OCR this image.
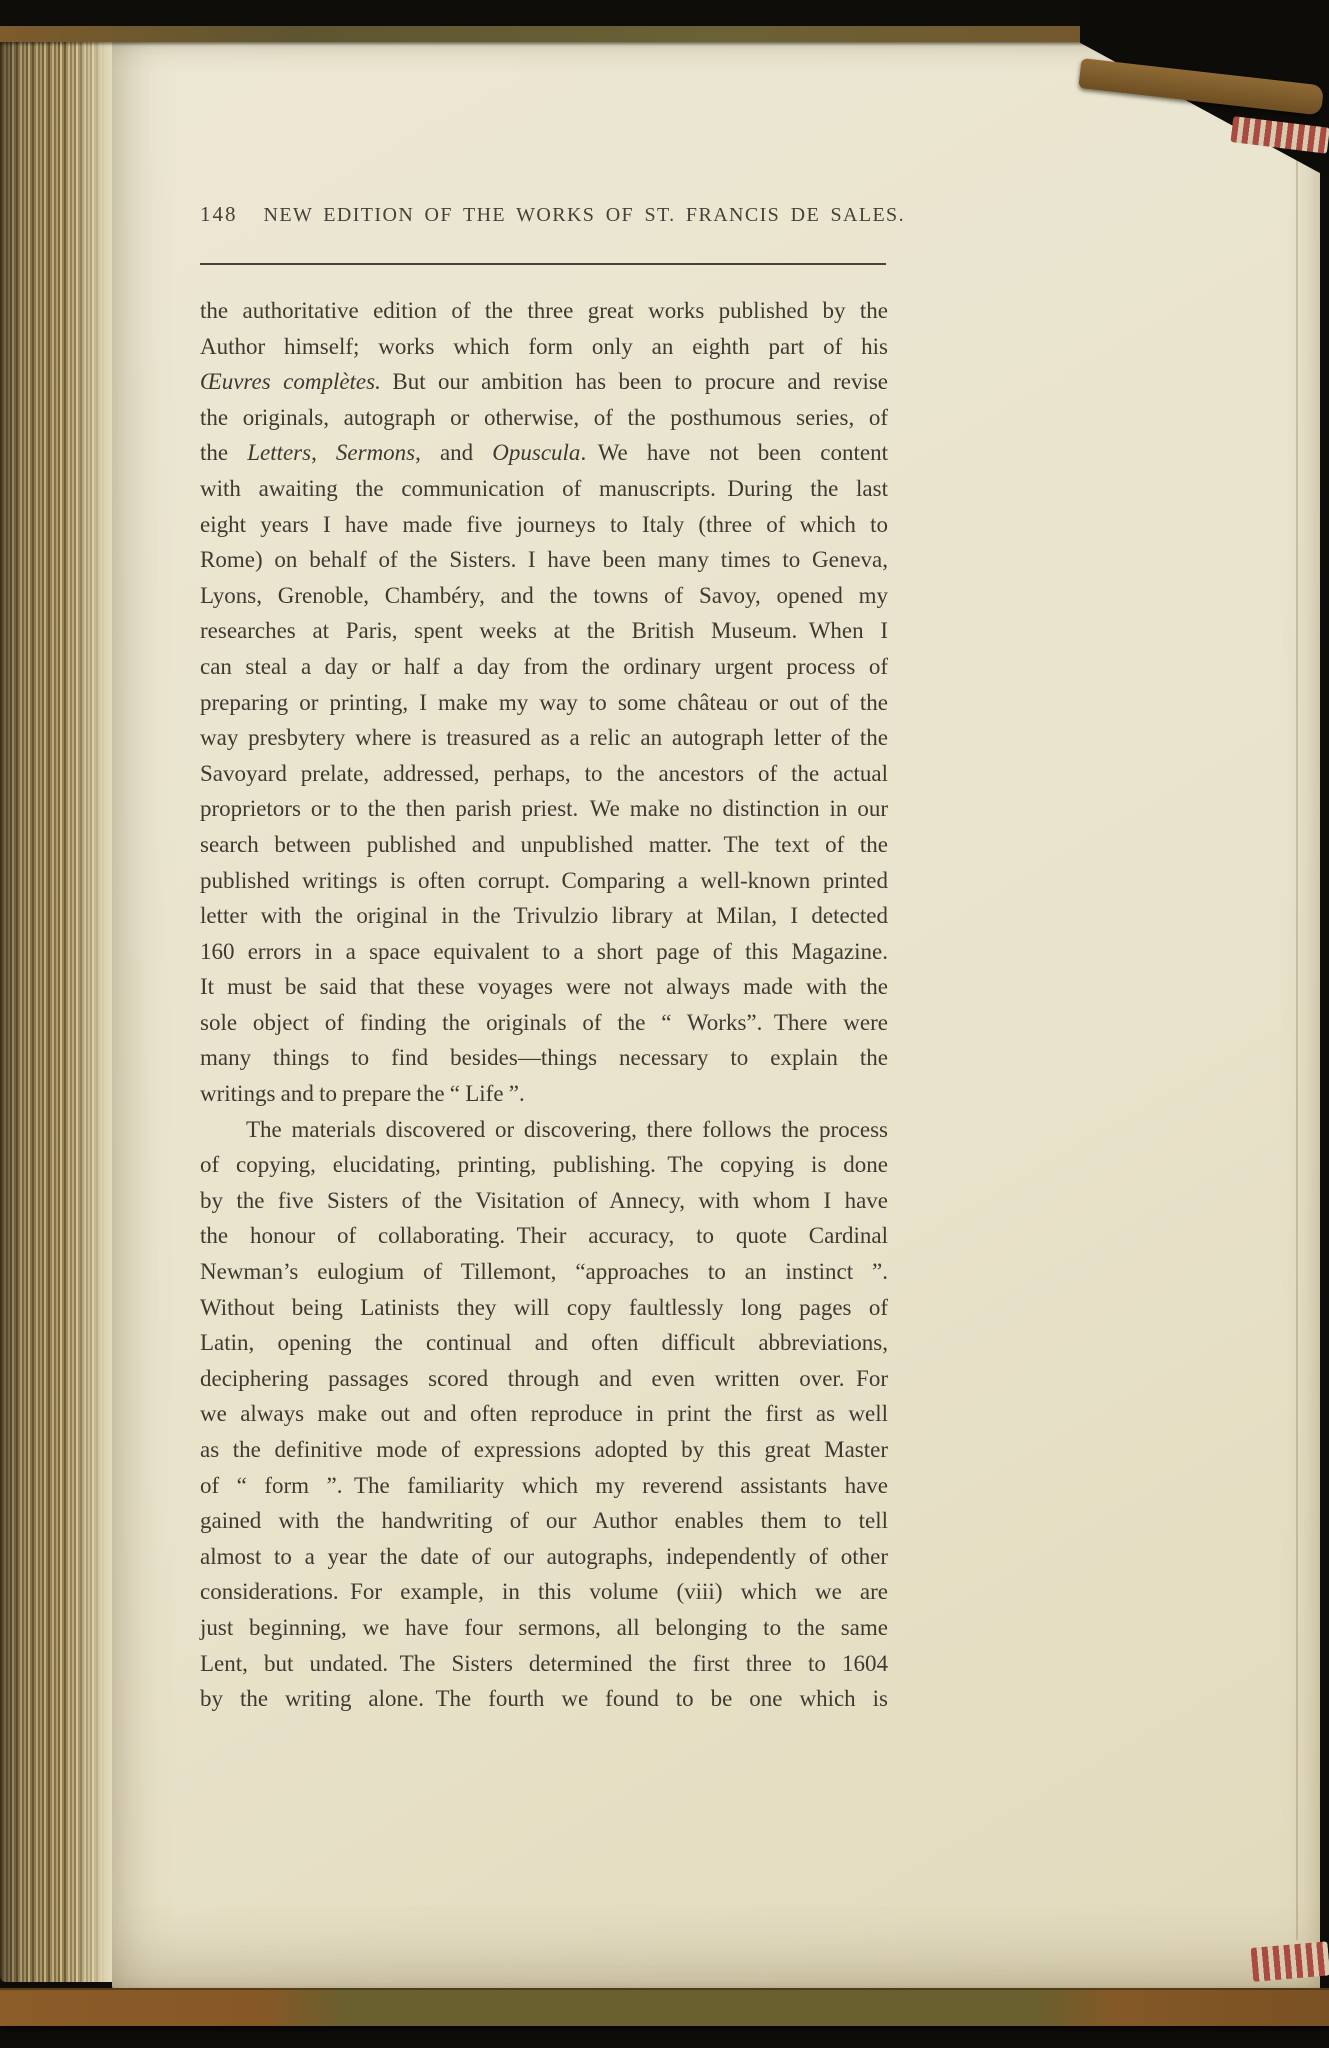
148 NEW EDITION OF THE WORKS OF ST. FRANCIS DE SALES.
the authoritative edition of the three great works published by the
Author himself; works which form only an eighth part of his
Œuvres complètes. But our ambition has been to procure and revise
the originals, autograph or otherwise, of the posthumous series, of
the Letters, Sermons, and Opuscula. We have not been content
with awaiting the communication of manuscripts. During the last
eight years I have made five journeys to Italy (three of which to
Rome) on behalf of the Sisters. I have been many times to Geneva,
Lyons, Grenoble, Chambéry, and the towns of Savoy, opened my
researches at Paris, spent weeks at the British Museum. When I
can steal a day or half a day from the ordinary urgent process of
preparing or printing, I make my way to some château or out of the
way presbytery where is treasured as a relic an autograph letter of the
Savoyard prelate, addressed, perhaps, to the ancestors of the actual
proprietors or to the then parish priest. We make no distinction in our
search between published and unpublished matter. The text of the
published writings is often corrupt. Comparing a well-known printed
letter with the original in the Trivulzio library at Milan, I detected
160 errors in a space equivalent to a short page of this Magazine.
It must be said that these voyages were not always made with the
sole object of finding the originals of the “ Works”. There were
many things to find besides—things necessary to explain the
writings and to prepare the “ Life ”.
The materials discovered or discovering, there follows the process
of copying, elucidating, printing, publishing. The copying is done
by the five Sisters of the Visitation of Annecy, with whom I have
the honour of collaborating. Their accuracy, to quote Cardinal
Newman’s eulogium of Tillemont, “approaches to an instinct ”.
Without being Latinists they will copy faultlessly long pages of
Latin, opening the continual and often difficult abbreviations,
deciphering passages scored through and even written over. For
we always make out and often reproduce in print the first as well
as the definitive mode of expressions adopted by this great Master
of “ form ”. The familiarity which my reverend assistants have
gained with the handwriting of our Author enables them to tell
almost to a year the date of our autographs, independently of other
considerations. For example, in this volume (viii) which we are
just beginning, we have four sermons, all belonging to the same
Lent, but undated. The Sisters determined the first three to 1604
by the writing alone. The fourth we found to be one which is
